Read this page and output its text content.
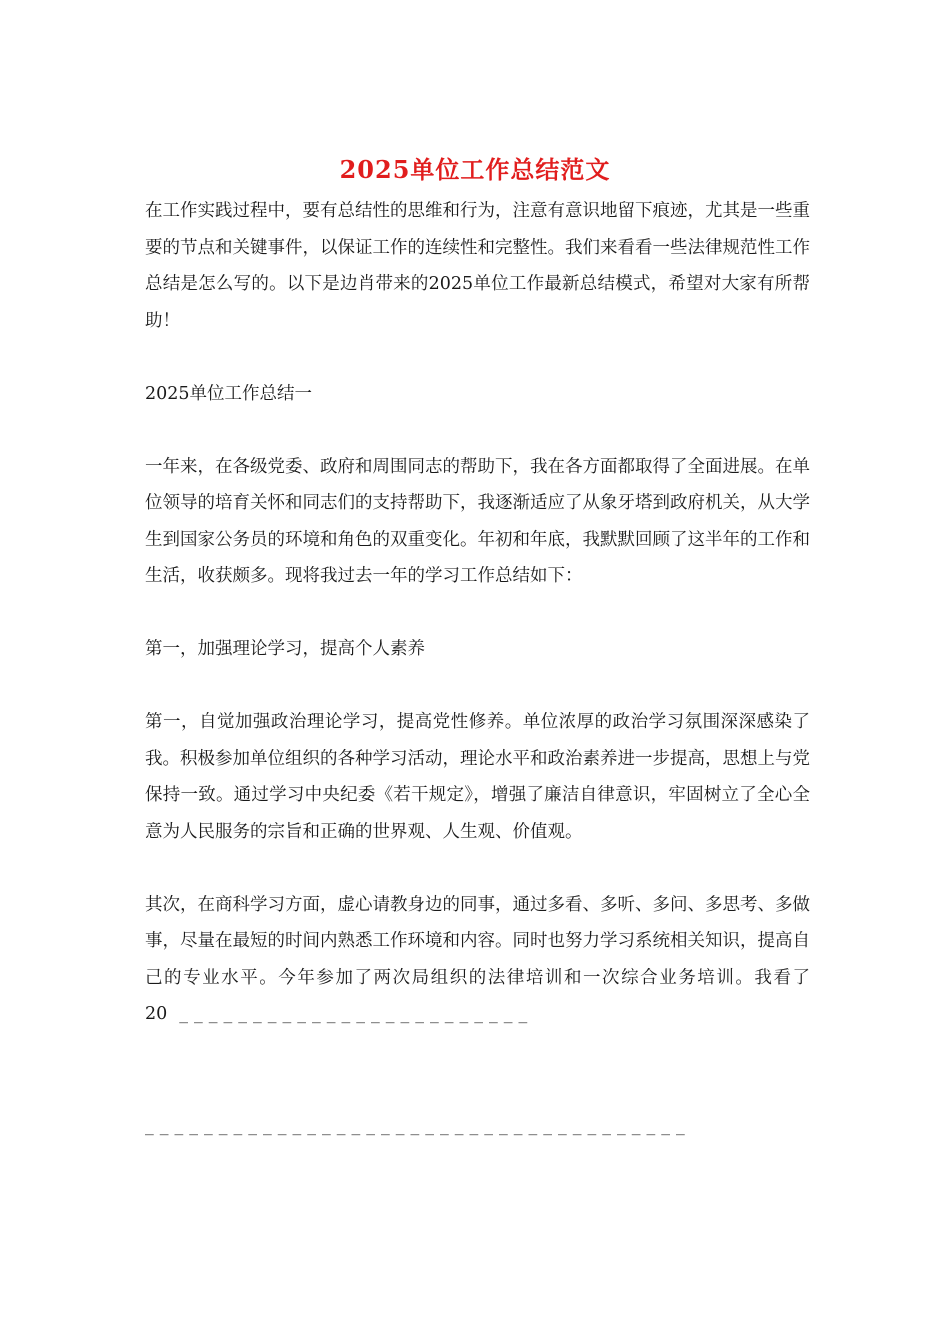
2025单位工作总结范文

在工作实践过程中，要有总结性的思维和行为，注意有意识地留下痕迹，尤其是一些重要的节点和关键事件，以保证工作的连续性和完整性。我们来看看一些法律规范性工作总结是怎么写的。以下是边肖带来的2025单位工作最新总结模式，希望对大家有所帮助！

2025单位工作总结一

一年来，在各级党委、政府和周围同志的帮助下，我在各方面都取得了全面进展。在单位领导的培育关怀和同志们的支持帮助下，我逐渐适应了从象牙塔到政府机关，从大学生到国家公务员的环境和角色的双重变化。年初和年底，我默默回顾了这半年的工作和生活，收获颇多。现将我过去一年的学习工作总结如下：

第一，加强理论学习，提高个人素养

第一，自觉加强政治理论学习，提高党性修养。单位浓厚的政治学习氛围深深感染了我。积极参加单位组织的各种学习活动，理论水平和政治素养进一步提高，思想上与党保持一致。通过学习中央纪委《若干规定》，增强了廉洁自律意识，牢固树立了全心全意为人民服务的宗旨和正确的世界观、人生观、价值观。

其次，在商科学习方面，虚心请教身边的同事，通过多看、多听、多问、多思考、多做事，尽量在最短的时间内熟悉工作环境和内容。同时也努力学习系统相关知识，提高自己的专业水平。今年参加了两次局组织的法律培训和一次综合业务培训。我看了20 ________________________

_____________________________________
